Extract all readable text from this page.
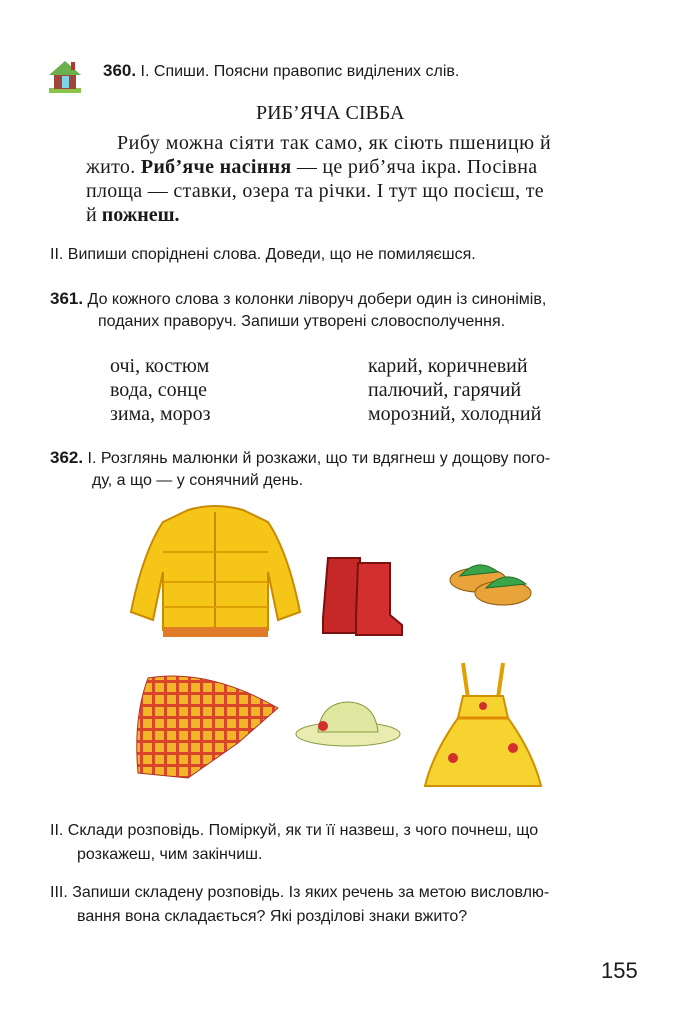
360. I. Спиши. Поясни правопис виділених слів.
РИБ’ЯЧА СІВБА
Рибу можна сіяти так само, як сіють пшеницю й
жито. Риб’яче насіння — це риб’яча ікра. Посівна
площа — ставки, озера та річки. І тут що посієш, те
й пожнеш.
II. Випиши споріднені слова. Доведи, що не помиляєшся.
361. До кожного слова з колонки ліворуч добери один із синонімів,
поданих праворуч. Запиши утворені словосполучення.
очі, костюм
вода, сонце
зима, мороз
карий, коричневий
палючий, гарячий
морозний, холодний
362. I. Розглянь малюнки й розкажи, що ти вдягнеш у дощову пого-
ду, а що — у сонячний день.
II. Склади розповідь. Поміркуй, як ти її назвеш, з чого почнеш, що
розкажеш, чим закінчиш.
III. Запиши складену розповідь. Із яких речень за метою висловлю-
вання вона складається? Які розділові знаки вжито?
155
